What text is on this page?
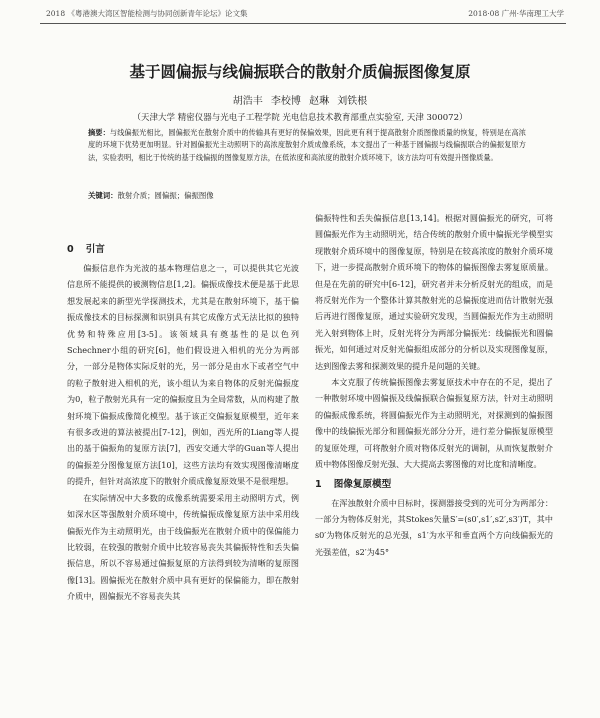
2018 《粤港澳大湾区智能检测与协同创新青年论坛》论文集	2018·08 广州·华南理工大学
基于圆偏振与线偏振联合的散射介质偏振图像复原
胡浩丰 李校博 赵琳 刘铁根
（天津大学 精密仪器与光电子工程学院 光电信息技术教育部重点实验室, 天津 300072）
摘要：与线偏振光相比，圆偏振光在散射介质中的传输具有更好的保偏效果，因此更有利于提高散射介质图像质量的恢复，特别是在高浓度的环境下优势更加明显。针对圆偏振光主动照明下的高浓度散射介质成像系统，本文提出了一种基于圆偏振与线偏振联合的偏振复原方法，实验表明，相比于传统的基于线偏振的图像复原方法，在低浓度和高浓度的散射介质环境下，该方法均可有效提升图像质量。
关键词：散射介质；圆偏振；偏振图像
0 引言

偏振信息作为光波的基本物理信息之一，可以提供其它光波信息所不能提供的被测物信息[1,2]。偏振成像技术便是基于此思想发展起来的新型光学探测技术，尤其是在散射环境下，基于偏振成像技术的目标探测和识别具有其它成像方式无法比拟的独特优势和特殊应用[3-5]。该领域具有奠基性的是以色列Schechner小组的研究[6]，他们假设进入相机的光分为两部分，一部分是物体实际反射的光，另一部分是由水下或者空气中的粒子散射进入相机的光，该小组认为来自物体的反射光偏振度为0，粒子散射光具有一定的偏振度且为全局常数，从而构建了散射环境下偏振成像简化模型。基于该正交偏振复原模型，近年来有很多改进的算法被提出[7-12]，例如，西光所的Liang等人提出的基于偏振角的复原方法[7]，西安交通大学的Guan等人提出的偏振差分图像复原方法[10]，这些方法均有效实现图像清晰度的提升，但针对高浓度下的散射介质成像复原效果不是很理想。

在实际情况中大多数的成像系统需要采用主动照明方式，例如深水区等强散射介质环境中，传统偏振成像复原方法中采用线偏振光作为主动照明光，由于线偏振光在散射介质中的保偏能力比较弱，在较强的散射介质中比较容易丧失其偏振特性和丢失偏振信息，所以不容易通过偏振复原的方法得到较为清晰的复原图像[13]。圆偏振光在散射介质中具有更好的保偏能力，即在散射介质中，圆偏振光不容易丧失其

偏振特性和丢失偏振信息[13,14]。根据对圆偏振光的研究，可将圆偏振光作为主动照明光，结合传统的散射介质中偏振光学模型实现散射介质环境中的图像复原，特别是在较高浓度的散射介质环境下，进一步提高散射介质环境下的物体的偏振图像去雾复原质量。但是在先前的研究中[6-12]，研究者并未分析反射光的组成，而是将反射光作为一个整体计算其散射光的总偏振度进而估计散射光强后再进行图像复原，通过实验研究发现，当圆偏振光作为主动照明光入射到物体上时，反射光将分为两部分偏振光：线偏振光和圆偏振光，如何通过对反射光偏振组成部分的分析以及实现图像复原，达到图像去雾和探测效果的提升是问题的关键。

本文克服了传统偏振图像去雾复原技术中存在的不足，提出了一种散射环境中圆偏振及线偏振联合偏振复原方法，针对主动照明的偏振成像系统，将圆偏振光作为主动照明光，对探测到的偏振图像中的线偏振光部分和圆偏振光部分分开，进行差分偏振复原模型的复原处理，可将散射介质对物体反射光的调制，从而恢复散射介质中物体图像反射光强、大大提高去雾图像的对比度和清晰度。

1 图像复原模型

在浑浊散射介质中目标时，探测器接受到的光可分为两部分：一部分为物体反射光，其Stokes矢量S′=(s0′,s1′,s2′,s3′)T，其中s0′为物体反射光的总光强，s1′为水平和垂直两个方向线偏振光的光强差值，s2′为45°
